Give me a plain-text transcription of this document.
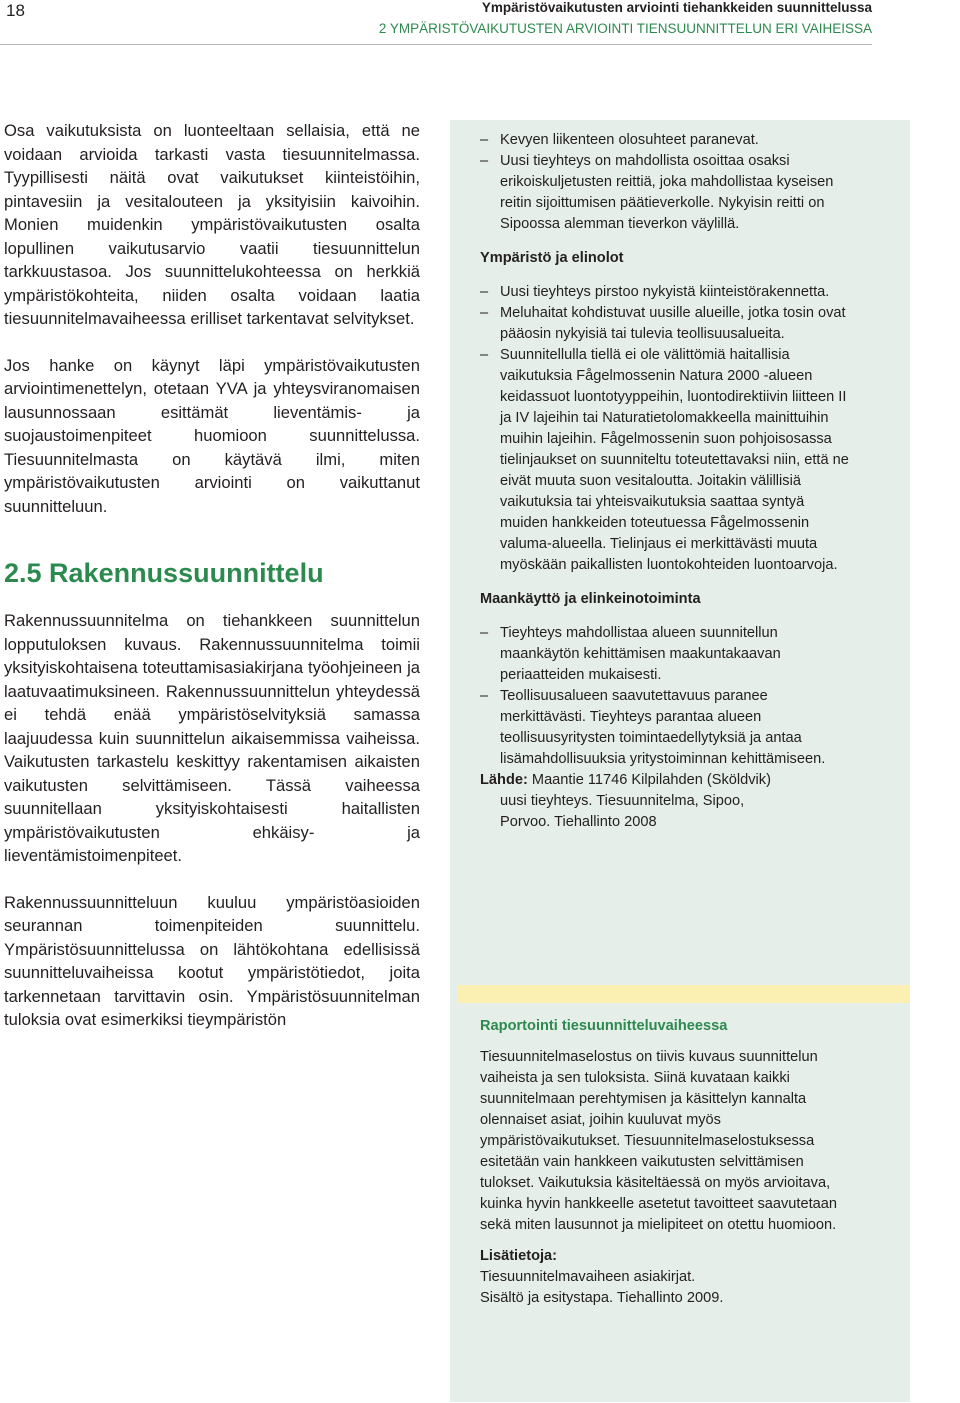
18	Ympäristövaikutusten arviointi tiehankkeiden suunnittelussa
2 YMPÄRISTÖVAIKUTUSTEN ARVIOINTI TIENSUUNNITTELUN ERI VAIHEISSA

Osa vaikutuksista on luonteeltaan sellaisia, että ne voidaan arvioida tarkasti vasta tiesuunnitelmassa. Tyypillisesti näitä ovat vaikutukset kiinteistöihin, pintavesiin ja vesitalouteen ja yksityisiin kaivoihin. Monien muidenkin ympäristövaikutusten osalta lopullinen vaikutusarvio vaatii tiesuunnittelun tarkkuustasoa. Jos suunnittelukohteessa on herkkiä ympäristökohteita, niiden osalta voidaan laatia tiesuunnitelmavaiheessa erilliset tarkentavat selvitykset.

Jos hanke on käynyt läpi ympäristövaikutusten arviointimenettelyn, otetaan YVA ja yhteysviranomaisen lausunnossaan esittämät lieventämis- ja suojaustoimenpiteet huomioon suunnittelussa. Tiesuunnitelmasta on käytävä ilmi, miten ympäristövaikutusten arviointi on vaikuttanut suunnitteluun.

2.5 Rakennussuunnittelu

Rakennussuunnitelma on tiehankkeen suunnittelun lopputuloksen kuvaus. Rakennussuunnitelma toimii yksityiskohtaisena toteuttamisasiakirjana työohjeineen ja laatuvaatimuksineen. Rakennussuunnittelun yhteydessä ei tehdä enää ympäristöselvityksiä samassa laajuudessa kuin suunnittelun aikaisemmissa vaiheissa. Vaikutusten tarkastelu keskittyy rakentamisen aikaisten vaikutusten selvittämiseen. Tässä vaiheessa suunnitellaan yksityiskohtaisesti haitallisten ympäristövaikutusten ehkäisy- ja lieventämistoimenpiteet.

Rakennussuunnitteluun kuuluu ympäristöasioiden seurannan toimenpiteiden suunnittelu. Ympäristösuunnittelussa on lähtökohtana edellisissä suunnitteluvaiheissa kootut ympäristötiedot, joita tarkennetaan tarvittavin osin. Ympäristösuunnitelman tuloksia ovat esimerkiksi tieympäristön

– Kevyen liikenteen olosuhteet paranevat.
– Uusi tieyhteys on mahdollista osoittaa osaksi erikoiskuljetusten reittiä, joka mahdollistaa kyseisen reitin sijoittumisen päätieverkolle. Nykyisin reitti on Sipoossa alemman tieverkon väylillä.
Ympäristö ja elinolot
– Uusi tieyhteys pirstoo nykyistä kiinteistörakennetta.
– Meluhaitat kohdistuvat uusille alueille, jotka tosin ovat pääosin nykyisiä tai tulevia teollisuusalueita.
– Suunnitellulla tiellä ei ole välittömiä haitallisia vaikutuksia Fågelmossenin Natura 2000 -alueen keidassuot luontotyyppeihin, luontodirektiivin liitteen II ja IV lajeihin tai Naturatietolomakkeella mainittuihin muihin lajeihin. Fågelmossenin suon pohjoisosassa tielinjaukset on suunniteltu toteutettavaksi niin, että ne eivät muuta suon vesitaloutta. Joitakin välillisiä vaikutuksia tai yhteisvaikutuksia saattaa syntyä muiden hankkeiden toteutuessa Fågelmossenin valuma-alueella. Tielinjaus ei merkittävästi muuta myöskään paikallisten luontokohteiden luontoarvoja.
Maankäyttö ja elinkeinotoiminta
– Tieyhteys mahdollistaa alueen suunnitellun maankäytön kehittämisen maakuntakaavan periaatteiden mukaisesti.
– Teollisuusalueen saavutettavuus paranee merkittävästi. Tieyhteys parantaa alueen teollisuusyritysten toimintaedellytyksiä ja antaa lisämahdollisuuksia yritystoiminnan kehittämiseen.
Lähde: Maantie 11746 Kilpilahden (Sköldvik)
uusi tieyhteys. Tiesuunnitelma, Sipoo,
Porvoo. Tiehallinto 2008
Raportointi tiesuunnitteluvaiheessa
Tiesuunnitelmaselostus on tiivis kuvaus suunnittelun vaiheista ja sen tuloksista. Siinä kuvataan kaikki suunnitelmaan perehtymisen ja käsittelyn kannalta olennaiset asiat, joihin kuuluvat myös ympäristövaikutukset. Tiesuunnitelmaselostuksessa esitetään vain hankkeen vaikutusten selvittämisen tulokset. Vaikutuksia käsiteltäessä on myös arvioitava, kuinka hyvin hankkeelle asetetut tavoitteet saavutetaan sekä miten lausunnot ja mielipiteet on otettu huomioon.
Lisätietoja:
Tiesuunnitelmavaiheen asiakirjat.
Sisältö ja esitystapa. Tiehallinto 2009.
